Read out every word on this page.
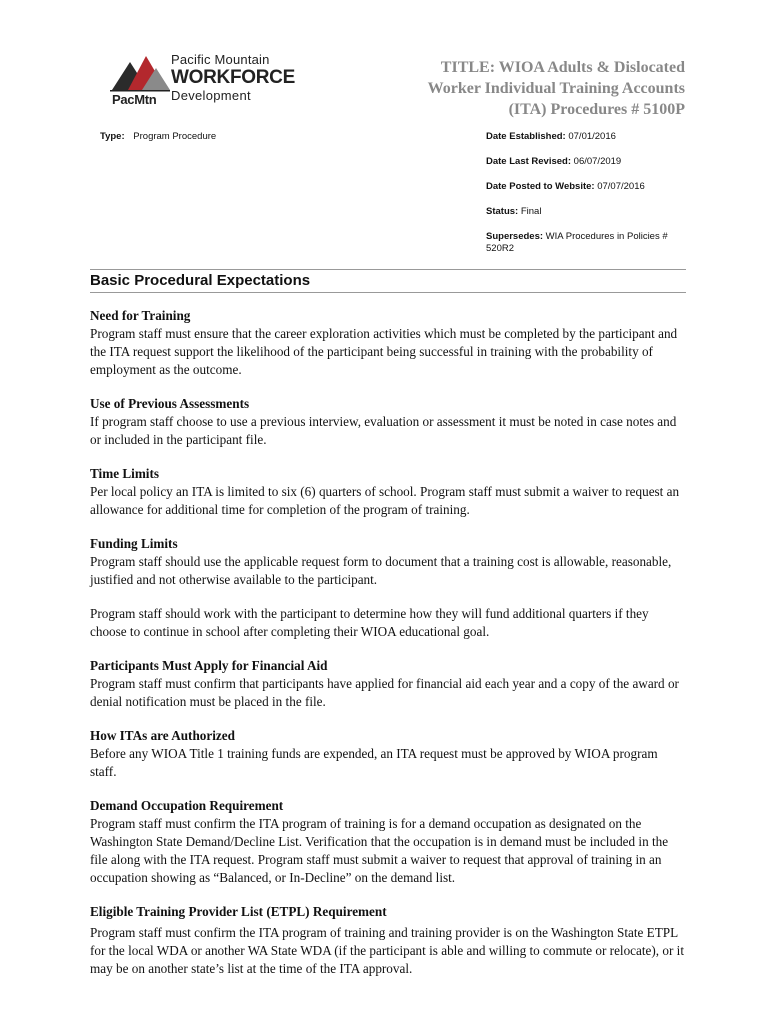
Pacific Mountain
WORKFORCE
Development
PacMtn
TITLE: WIOA Adults & Dislocated
Worker Individual Training Accounts
(ITA) Procedures # 5100P
Type: Program Procedure	Date Established: 07/01/2016
Date Last Revised: 06/07/2019
Date Posted to Website: 07/07/2016
Status: Final
Supersedes: WIA Procedures in Policies # 520R2
Basic Procedural Expectations
Need for Training

Program staff must ensure that the career exploration activities which must be completed by the participant and the ITA request support the likelihood of the participant being successful in training with the probability of employment as the outcome.

Use of Previous Assessments

If program staff choose to use a previous interview, evaluation or assessment it must be noted in case notes and or included in the participant file.

Time Limits

Per local policy an ITA is limited to six (6) quarters of school. Program staff must submit a waiver to request an allowance for additional time for completion of the program of training.

Funding Limits

Program staff should use the applicable request form to document that a training cost is allowable, reasonable, justified and not otherwise available to the participant.

Program staff should work with the participant to determine how they will fund additional quarters if they choose to continue in school after completing their WIOA educational goal.

Participants Must Apply for Financial Aid

Program staff must confirm that participants have applied for financial aid each year and a copy of the award or denial notification must be placed in the file.

How ITAs are Authorized

Before any WIOA Title 1 training funds are expended, an ITA request must be approved by WIOA program staff.

Demand Occupation Requirement

Program staff must confirm the ITA program of training is for a demand occupation as designated on the Washington State Demand/Decline List. Verification that the occupation is in demand must be included in the file along with the ITA request. Program staff must submit a waiver to request that approval of training in an occupation showing as “Balanced, or In-Decline” on the demand list.

Eligible Training Provider List (ETPL) Requirement

Program staff must confirm the ITA program of training and training provider is on the Washington State ETPL for the local WDA or another WA State WDA (if the participant is able and willing to commute or relocate), or it may be on another state’s list at the time of the ITA approval.
